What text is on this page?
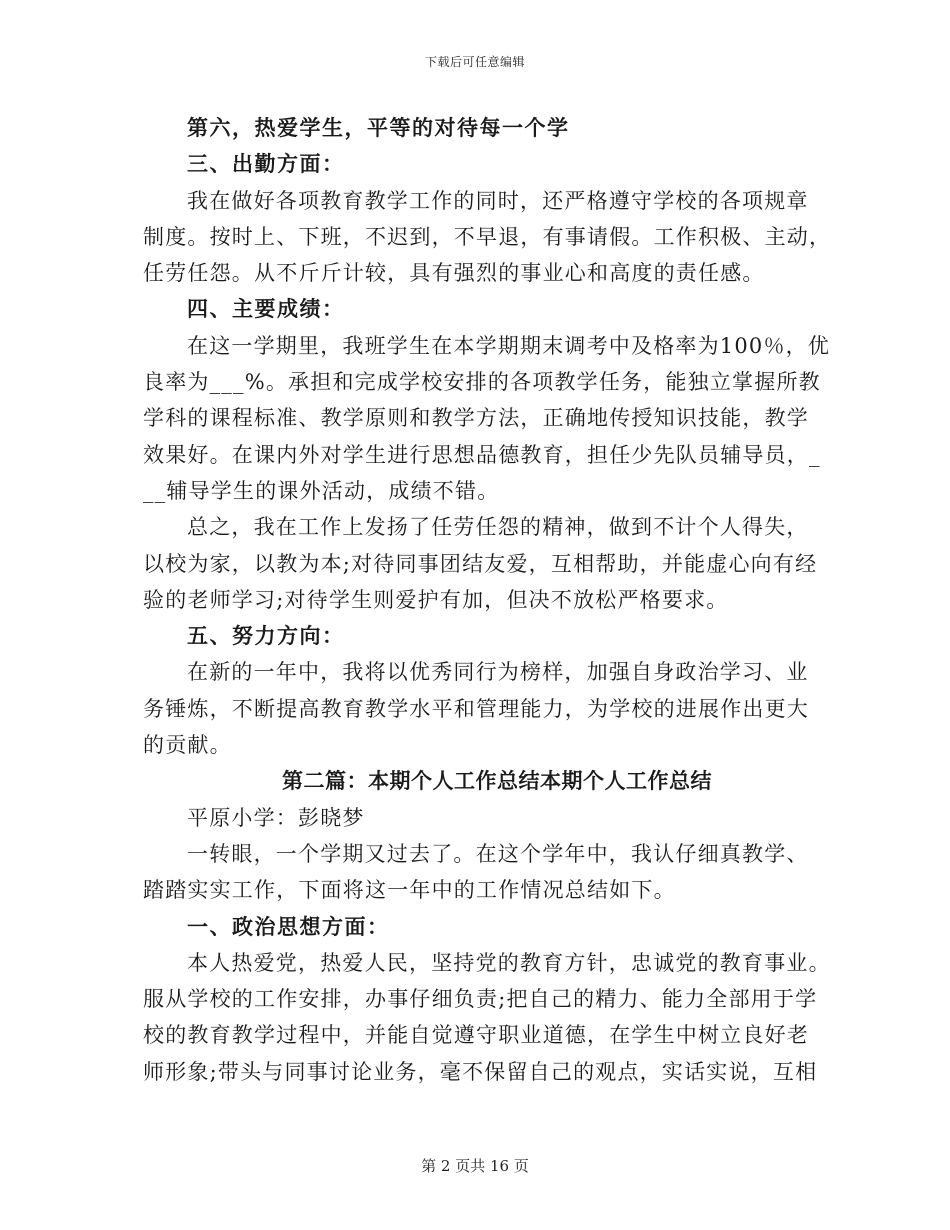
下载后可任意编辑
第六，热爱学生，平等的对待每一个学
三、出勤方面：
我在做好各项教育教学工作的同时，还严格遵守学校的各项规章
制度。按时上、下班，不迟到，不早退，有事请假。工作积极、主动，
任劳任怨。从不斤斤计较，具有强烈的事业心和高度的责任感。
四、主要成绩：
在这一学期里，我班学生在本学期期末调考中及格率为100％，优
良率为___%。承担和完成学校安排的各项教学任务，能独立掌握所教
学科的课程标准、教学原则和教学方法，正确地传授知识技能，教学
效果好。在课内外对学生进行思想品德教育，担任少先队员辅导员，_
__辅导学生的课外活动，成绩不错。
总之，我在工作上发扬了任劳任怨的精神，做到不计个人得失，
以校为家，以教为本;对待同事团结友爱，互相帮助，并能虚心向有经
验的老师学习;对待学生则爱护有加，但决不放松严格要求。
五、努力方向：
在新的一年中，我将以优秀同行为榜样，加强自身政治学习、业
务锤炼，不断提高教育教学水平和管理能力，为学校的进展作出更大
的贡献。
第二篇：本期个人工作总结本期个人工作总结
平原小学：彭晓梦
一转眼，一个学期又过去了。在这个学年中，我认仔细真教学、
踏踏实实工作，下面将这一年中的工作情况总结如下。
一、政治思想方面：
本人热爱党，热爱人民，坚持党的教育方针，忠诚党的教育事业。
服从学校的工作安排，办事仔细负责;把自己的精力、能力全部用于学
校的教育教学过程中，并能自觉遵守职业道德，在学生中树立良好老
师形象;带头与同事讨论业务，毫不保留自己的观点，实话实说，互相
第 2 页共 16 页
